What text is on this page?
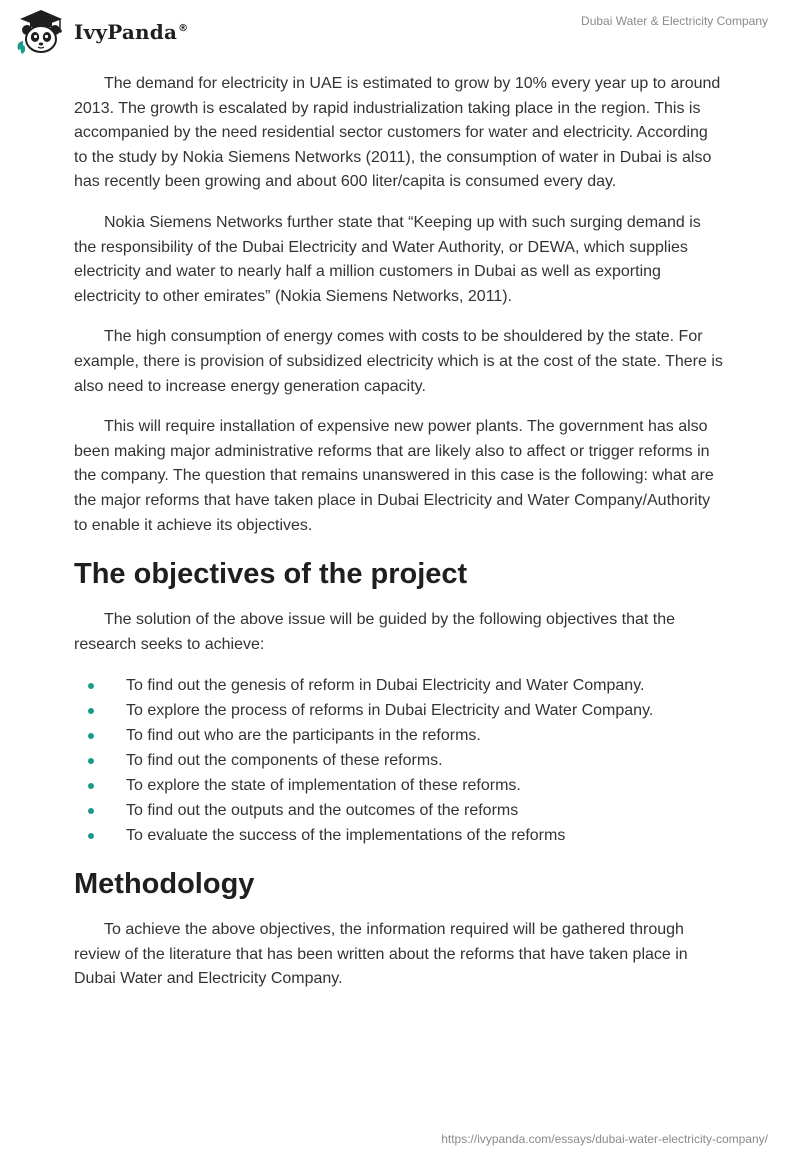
IvyPanda®
Dubai Water & Electricity Company

The demand for electricity in UAE is estimated to grow by 10% every year up to around 2013. The growth is escalated by rapid industrialization taking place in the region. This is accompanied by the need residential sector customers for water and electricity. According to the study by Nokia Siemens Networks (2011), the consumption of water in Dubai is also has recently been growing and about 600 liter/capita is consumed every day.

Nokia Siemens Networks further state that “Keeping up with such surging demand is the responsibility of the Dubai Electricity and Water Authority, or DEWA, which supplies electricity and water to nearly half a million customers in Dubai as well as exporting electricity to other emirates” (Nokia Siemens Networks, 2011).

The high consumption of energy comes with costs to be shouldered by the state. For example, there is provision of subsidized electricity which is at the cost of the state. There is also need to increase energy generation capacity.

This will require installation of expensive new power plants. The government has also been making major administrative reforms that are likely also to affect or trigger reforms in the company. The question that remains unanswered in this case is the following: what are the major reforms that have taken place in Dubai Electricity and Water Company/Authority to enable it achieve its objectives.

The objectives of the project

The solution of the above issue will be guided by the following objectives that the research seeks to achieve:

To find out the genesis of reform in Dubai Electricity and Water Company.
To explore the process of reforms in Dubai Electricity and Water Company.
To find out who are the participants in the reforms.
To find out the components of these reforms.
To explore the state of implementation of these reforms.
To find out the outputs and the outcomes of the reforms
To evaluate the success of the implementations of the reforms
Methodology

To achieve the above objectives, the information required will be gathered through review of the literature that has been written about the reforms that have taken place in Dubai Water and Electricity Company.

https://ivypanda.com/essays/dubai-water-electricity-company/
